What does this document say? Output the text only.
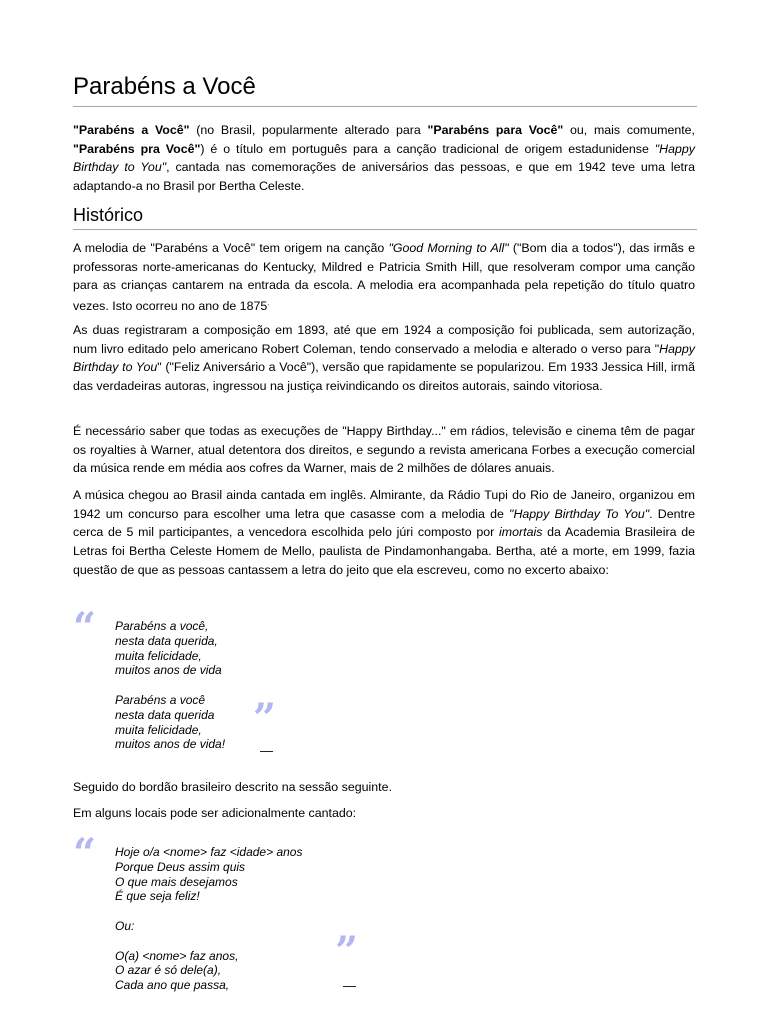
Parabéns a Você

"Parabéns a Você" (no Brasil, popularmente alterado para "Parabéns para Você" ou, mais comumente, "Parabéns pra Você") é o título em português para a canção tradicional de origem estadunidense "Happy Birthday to You", cantada nas comemorações de aniversários das pessoas, e que em 1942 teve uma letra adaptando-a no Brasil por Bertha Celeste.

Histórico

A melodia de "Parabéns a Você" tem origem na canção "Good Morning to All" ("Bom dia a todos"), das irmãs e professoras norte-americanas do Kentucky, Mildred e Patricia Smith Hill, que resolveram compor uma canção para as crianças cantarem na entrada da escola. A melodia era acompanhada pela repetição do título quatro vezes. Isto ocorreu no ano de 1875.

As duas registraram a composição em 1893, até que em 1924 a composição foi publicada, sem autorização, num livro editado pelo americano Robert Coleman, tendo conservado a melodia e alterado o verso para "Happy Birthday to You" ("Feliz Aniversário a Você"), versão que rapidamente se popularizou. Em 1933 Jessica Hill, irmã das verdadeiras autoras, ingressou na justiça reivindicando os direitos autorais, saindo vitoriosa.

É necessário saber que todas as execuções de "Happy Birthday..." em rádios, televisão e cinema têm de pagar os royalties à Warner, atual detentora dos direitos, e segundo a revista americana Forbes a execução comercial da música rende em média aos cofres da Warner, mais de 2 milhões de dólares anuais.

A música chegou ao Brasil ainda cantada em inglês. Almirante, da Rádio Tupi do Rio de Janeiro, organizou em 1942 um concurso para escolher uma letra que casasse com a melodia de "Happy Birthday To You". Dentre cerca de 5 mil participantes, a vencedora escolhida pelo júri composto por imortais da Academia Brasileira de Letras foi Bertha Celeste Homem de Mello, paulista de Pindamonhangaba. Bertha, até a morte, em 1999, fazia questão de que as pessoas cantassem a letra do jeito que ela escreveu, como no excerto abaixo:

“ Parabéns a você,
nesta data querida,
muita felicidade,
muitos anos de vida
Parabéns a você
nesta data querida
muita felicidade,
muitos anos de vida!
”
—

Seguido do bordão brasileiro descrito na sessão seguinte.

Em alguns locais pode ser adicionalmente cantado:

“ Hoje o/a <nome> faz <idade> anos
Porque Deus assim quis
O que mais desejamos
É que seja feliz!
Ou:
O(a) <nome> faz anos,
O azar é só dele(a),
Cada ano que passa,
”
—
